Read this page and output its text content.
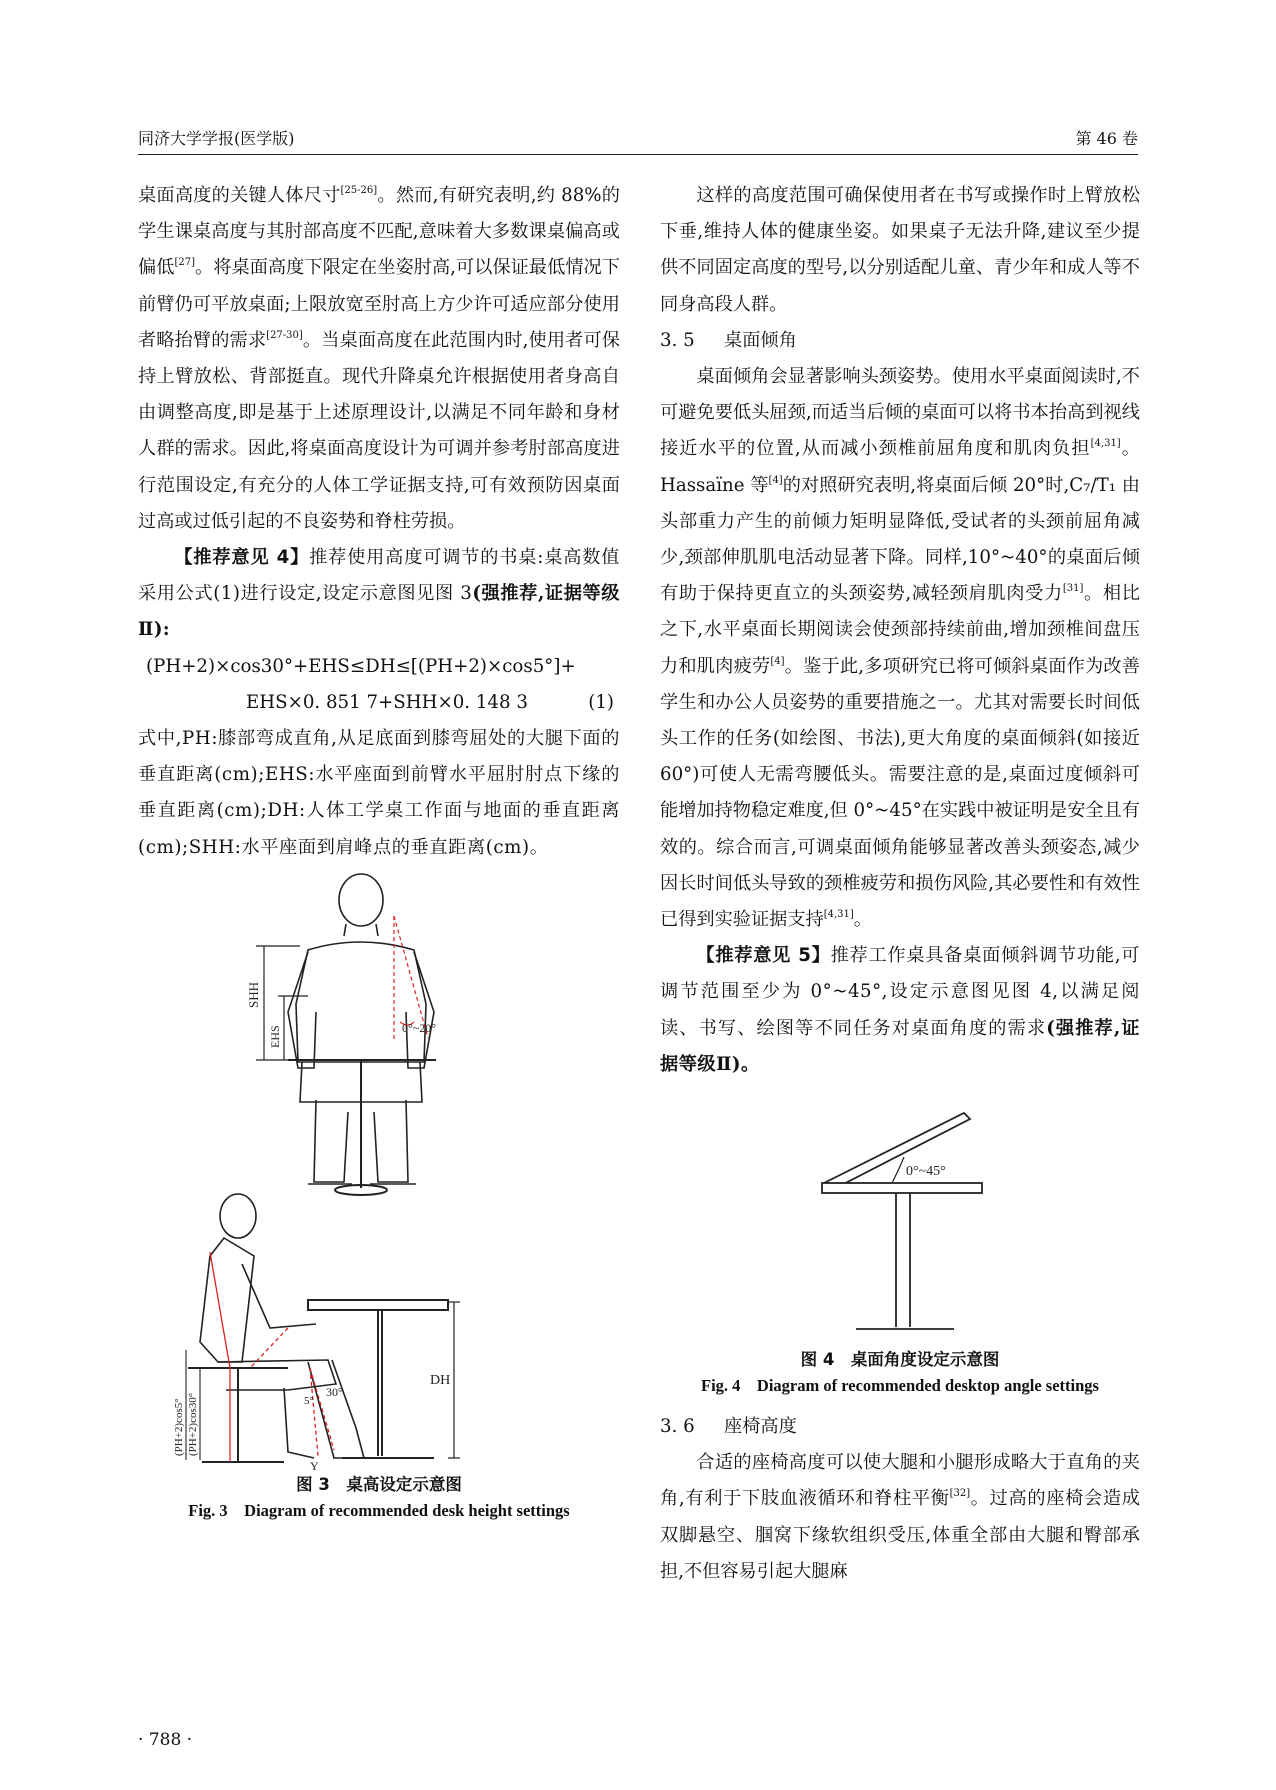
同济大学学报(医学版)	第 46 卷

桌面高度的关键人体尺寸[25-26]。然而,有研究表明,约 88%的学生课桌高度与其肘部高度不匹配,意味着大多数课桌偏高或偏低[27]。将桌面高度下限定在坐姿肘高,可以保证最低情况下前臂仍可平放桌面;上限放宽至肘高上方少许可适应部分使用者略抬臂的需求[27-30]。当桌面高度在此范围内时,使用者可保持上臂放松、背部挺直。现代升降桌允许根据使用者身高自由调整高度,即是基于上述原理设计,以满足不同年龄和身材人群的需求。因此,将桌面高度设计为可调并参考肘部高度进行范围设定,有充分的人体工学证据支持,可有效预防因桌面过高或过低引起的不良姿势和脊柱劳损。

【推荐意见 4】推荐使用高度可调节的书桌:桌高数值采用公式(1)进行设定,设定示意图见图 3(强推荐,证据等级Ⅱ):

(PH+2)×cos30°+EHS≤DH≤[(PH+2)×cos5°]+
EHS×0. 851 7+SHH×0. 148 3	(1)

式中,PH:膝部弯成直角,从足底面到膝弯屈处的大腿下面的垂直距离(cm);EHS:水平座面到前臂水平屈肘肘点下缘的垂直距离(cm);DH:人体工学桌工作面与地面的垂直距离(cm);SHH:水平座面到肩峰点的垂直距离(cm)。

SHH
EHS	0°~20°
DH
(PH+2)cos5° (PH+2)cos30°
30°
5°
Y
图 3　桌高设定示意图
Fig. 3　Diagram of recommended desk height settings

这样的高度范围可确保使用者在书写或操作时上臂放松下垂,维持人体的健康坐姿。如果桌子无法升降,建议至少提供不同固定高度的型号,以分别适配儿童、青少年和成人等不同身高段人群。

3. 5 桌面倾角

桌面倾角会显著影响头颈姿势。使用水平桌面阅读时,不可避免要低头屈颈,而适当后倾的桌面可以将书本抬高到视线接近水平的位置,从而减小颈椎前屈角度和肌肉负担[4,31]。Hassaïne 等[4]的对照研究表明,将桌面后倾 20°时,C₇/T₁ 由头部重力产生的前倾力矩明显降低,受试者的头颈前屈角减少,颈部伸肌肌电活动显著下降。同样,10°~40°的桌面后倾有助于保持更直立的头颈姿势,减轻颈肩肌肉受力[31]。相比之下,水平桌面长期阅读会使颈部持续前曲,增加颈椎间盘压力和肌肉疲劳[4]。鉴于此,多项研究已将可倾斜桌面作为改善学生和办公人员姿势的重要措施之一。尤其对需要长时间低头工作的任务(如绘图、书法),更大角度的桌面倾斜(如接近 60°)可使人无需弯腰低头。需要注意的是,桌面过度倾斜可能增加持物稳定难度,但 0°~45°在实践中被证明是安全且有效的。综合而言,可调桌面倾角能够显著改善头颈姿态,减少因长时间低头导致的颈椎疲劳和损伤风险,其必要性和有效性已得到实验证据支持[4,31]。

【推荐意见 5】推荐工作桌具备桌面倾斜调节功能,可调节范围至少为 0°~45°,设定示意图见图 4,以满足阅读、书写、绘图等不同任务对桌面角度的需求(强推荐,证据等级Ⅱ)。

0°~45°
图 4　桌面角度设定示意图
Fig. 4　Diagram of recommended desktop angle settings
3. 6 座椅高度

合适的座椅高度可以使大腿和小腿形成略大于直角的夹角,有利于下肢血液循环和脊柱平衡[32]。过高的座椅会造成双脚悬空、腘窝下缘软组织受压,体重全部由大腿和臀部承担,不但容易引起大腿麻

· 788 ·
